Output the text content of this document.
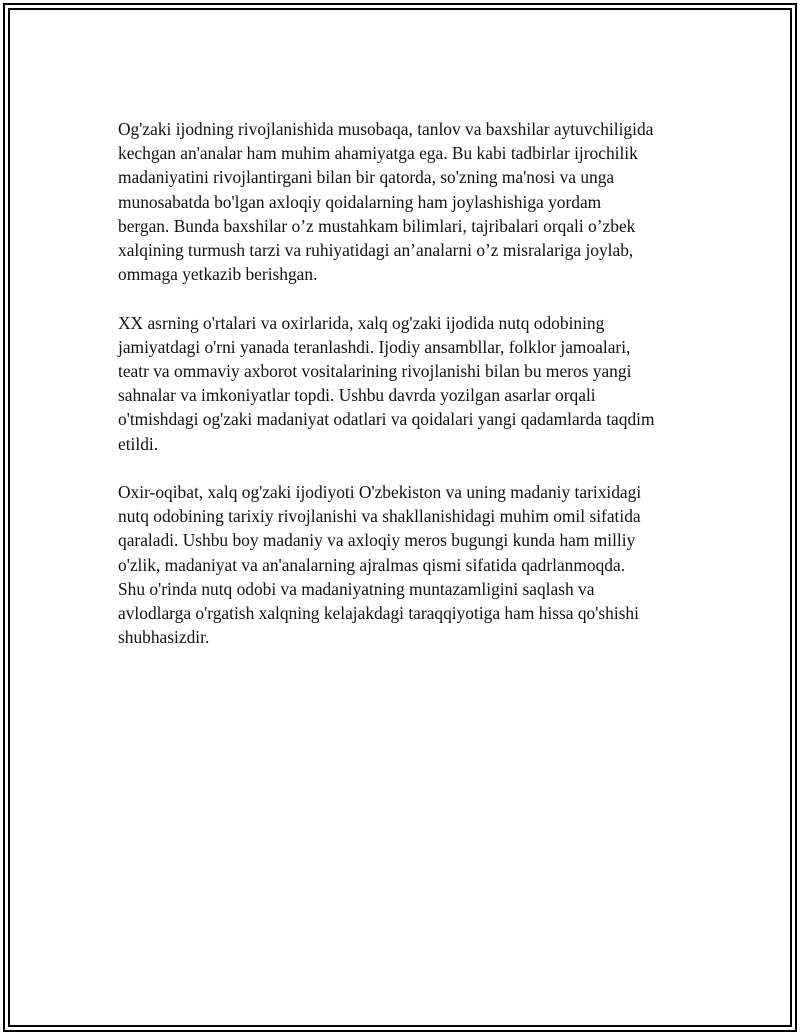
Og'zaki ijodning rivojlanishida musobaqa, tanlov va baxshilar aytuvchiligida
kechgan an'analar ham muhim ahamiyatga ega. Bu kabi tadbirlar ijrochilik
madaniyatini rivojlantirgani bilan bir qatorda, so'zning ma'nosi va unga
munosabatda bo'lgan axloqiy qoidalarning ham joylashishiga yordam
bergan. Bunda baxshilar o’z mustahkam bilimlari, tajribalari orqali o’zbek
xalqining turmush tarzi va ruhiyatidagi an’analarni o’z misralariga joylab,
ommaga yetkazib berishgan.

XX asrning o'rtalari va oxirlarida, xalq og'zaki ijodida nutq odobining
jamiyatdagi o'rni yanada teranlashdi. Ijodiy ansambllar, folklor jamoalari,
teatr va ommaviy axborot vositalarining rivojlanishi bilan bu meros yangi
sahnalar va imkoniyatlar topdi. Ushbu davrda yozilgan asarlar orqali
o'tmishdagi og'zaki madaniyat odatlari va qoidalari yangi qadamlarda taqdim
etildi.

Oxir-oqibat, xalq og'zaki ijodiyoti O'zbekiston va uning madaniy tarixidagi
nutq odobining tarixiy rivojlanishi va shakllanishidagi muhim omil sifatida
qaraladi. Ushbu boy madaniy va axloqiy meros bugungi kunda ham milliy
o'zlik, madaniyat va an'analarning ajralmas qismi sifatida qadrlanmoqda.
Shu o'rinda nutq odobi va madaniyatning muntazamligini saqlash va
avlodlarga o'rgatish xalqning kelajakdagi taraqqiyotiga ham hissa qo'shishi
shubhasizdir.
